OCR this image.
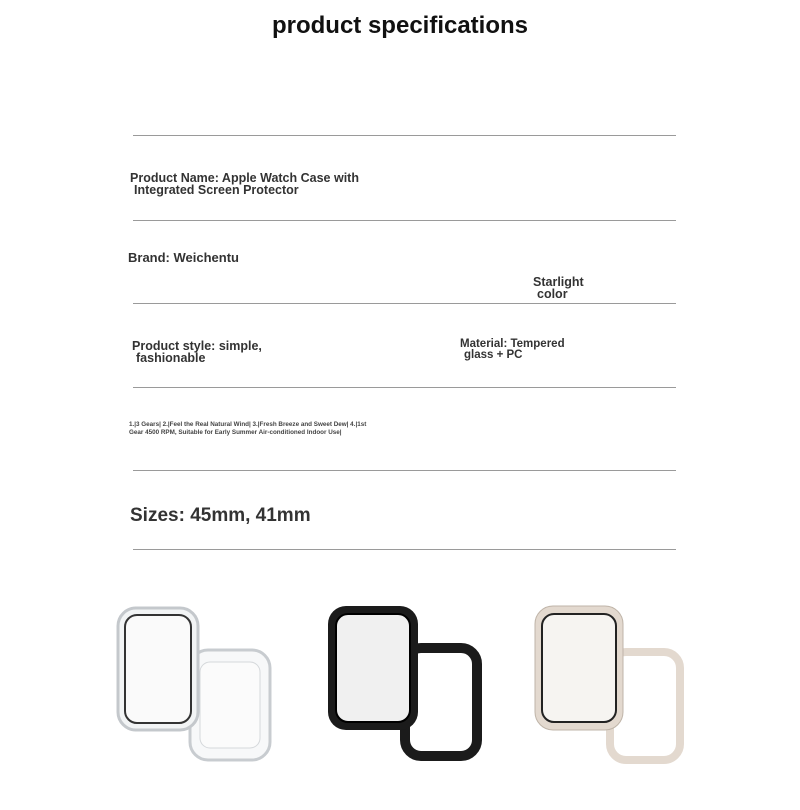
product specifications
Product Name: Apple Watch Case with
Integrated Screen Protector
Brand: Weichentu
Starlight
color
Product style: simple,
fashionable
Material: Tempered
glass + PC
1.|3 Gears| 2.|Feel the Real Natural Wind| 3.|Fresh Breeze and Sweet Dew| 4.|1st
Gear 4500 RPM, Suitable for Early Summer Air-conditioned Indoor Use|
Sizes: 45mm, 41mm
